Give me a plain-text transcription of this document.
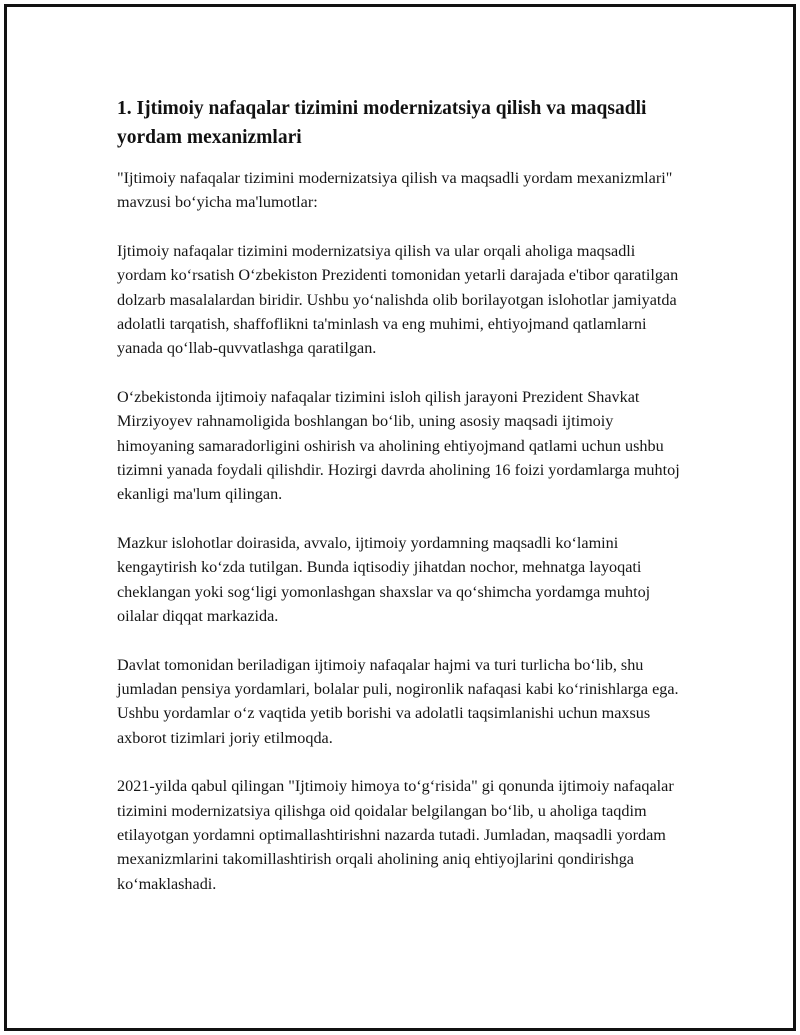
1. Ijtimoiy nafaqalar tizimini modernizatsiya qilish va maqsadli yordam mexanizmlari

"Ijtimoiy nafaqalar tizimini modernizatsiya qilish va maqsadli yordam mexanizmlari" mavzusi bo‘yicha ma'lumotlar:

Ijtimoiy nafaqalar tizimini modernizatsiya qilish va ular orqali aholiga maqsadli yordam ko‘rsatish O‘zbekiston Prezidenti tomonidan yetarli darajada e'tibor qaratilgan dolzarb masalalardan biridir. Ushbu yo‘nalishda olib borilayotgan islohotlar jamiyatda adolatli tarqatish, shaffoflikni ta'minlash va eng muhimi, ehtiyojmand qatlamlarni yanada qo‘llab-quvvatlashga qaratilgan.

O‘zbekistonda ijtimoiy nafaqalar tizimini isloh qilish jarayoni Prezident Shavkat Mirziyoyev rahnamoligida boshlangan bo‘lib, uning asosiy maqsadi ijtimoiy himoyaning samaradorligini oshirish va aholining ehtiyojmand qatlami uchun ushbu tizimni yanada foydali qilishdir. Hozirgi davrda aholining 16 foizi yordamlarga muhtoj ekanligi ma'lum qilingan.

Mazkur islohotlar doirasida, avvalo, ijtimoiy yordamning maqsadli ko‘lamini kengaytirish ko‘zda tutilgan. Bunda iqtisodiy jihatdan nochor, mehnatga layoqati cheklangan yoki sog‘ligi yomonlashgan shaxslar va qo‘shimcha yordamga muhtoj oilalar diqqat markazida.

Davlat tomonidan beriladigan ijtimoiy nafaqalar hajmi va turi turlicha bo‘lib, shu jumladan pensiya yordamlari, bolalar puli, nogironlik nafaqasi kabi ko‘rinishlarga ega. Ushbu yordamlar o‘z vaqtida yetib borishi va adolatli taqsimlanishi uchun maxsus axborot tizimlari joriy etilmoqda.

2021-yilda qabul qilingan "Ijtimoiy himoya to‘g‘risida" gi qonunda ijtimoiy nafaqalar tizimini modernizatsiya qilishga oid qoidalar belgilangan bo‘lib, u aholiga taqdim etilayotgan yordamni optimallashtirishni nazarda tutadi. Jumladan, maqsadli yordam mexanizmlarini takomillashtirish orqali aholining aniq ehtiyojlarini qondirishga ko‘maklashadi.
